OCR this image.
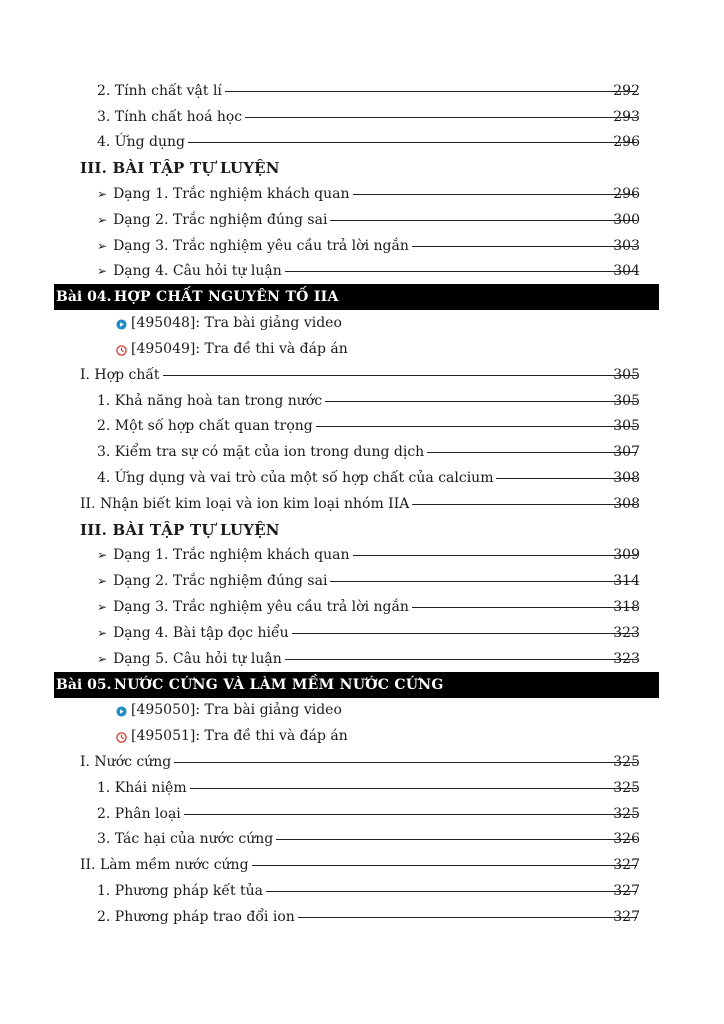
2. Tính chất vật lí	292
3. Tính chất hoá học	293
4. Ứng dụng	296
III. BÀI TẬP TỰ LUYỆN
➢ Dạng 1. Trắc nghiệm khách quan	296
➢ Dạng 2. Trắc nghiệm đúng sai	300
➢ Dạng 3. Trắc nghiệm yêu cầu trả lời ngắn	303
➢ Dạng 4. Câu hỏi tự luận	304
Bài 04. HỢP CHẤT NGUYÊN TỐ IIA
[495048]: Tra bài giảng video
[495049]: Tra đề thi và đáp án
I. Hợp chất	305
1. Khả năng hoà tan trong nước	305
2. Một số hợp chất quan trọng	305
3. Kiểm tra sự có mặt của ion trong dung dịch	307
4. Ứng dụng và vai trò của một số hợp chất của calcium	308
II. Nhận biết kim loại và ion kim loại nhóm IIA	308
III. BÀI TẬP TỰ LUYỆN
➢ Dạng 1. Trắc nghiệm khách quan	309
➢ Dạng 2. Trắc nghiệm đúng sai	314
➢ Dạng 3. Trắc nghiệm yêu cầu trả lời ngắn	318
➢ Dạng 4. Bài tập đọc hiểu	323
➢ Dạng 5. Câu hỏi tự luận	323
Bài 05. NƯỚC CỨNG VÀ LÀM MỀM NƯỚC CỨNG
[495050]: Tra bài giảng video
[495051]: Tra đề thi và đáp án
I. Nước cứng	325
1. Khái niệm	325
2. Phân loại	325
3. Tác hại của nước cứng	326
II. Làm mềm nước cứng	327
1. Phương pháp kết tủa	327
2. Phương pháp trao đổi ion	327
